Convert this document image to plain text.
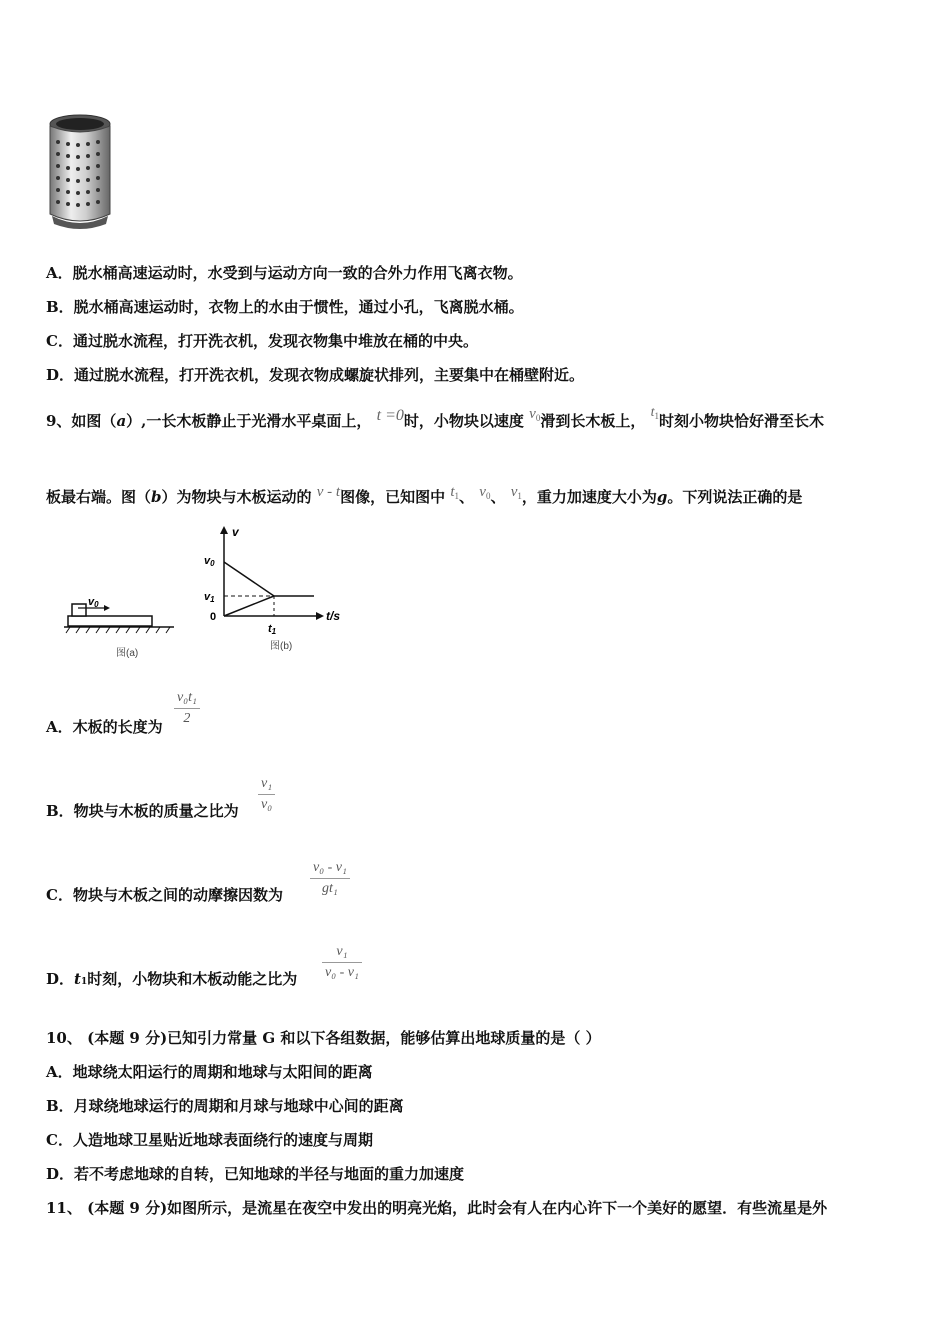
A．脱水桶高速运动时，水受到与运动方向一致的合外力作用飞离衣物。
B．脱水桶高速运动时，衣物上的水由于惯性，通过小孔，飞离脱水桶。
C．通过脱水流程，打开洗衣机，发现衣物集中堆放在桶的中央。
D．通过脱水流程，打开洗衣机，发现衣物成螺旋状排列，主要集中在桶壁附近。
9、如图（a）,一长木板静止于光滑水平桌面上， t =0时，小物块以速度 $v_0$滑到长木板上， $t_1$时刻小物块恰好滑至长木
板最右端。图（b）为物块与木板运动的 v - t图像，已知图中 $t_1$、 $v_0$、 $v_1$，重力加速度大小为g。下列说法正确的是
v0
图(a)
v
t/s
v0
v1
0
t1
图(b)
A．木板的长度为
v₀t₁
2
B．物块与木板的质量之比为
v₁
v₀
C．物块与木板之间的动摩擦因数为
v₀ - v₁
gt₁
D．t1时刻，小物块和木板动能之比为
v₁
v₀ - v₁
10、 (本题 9 分)已知引力常量 G 和以下各组数据，能够估算出地球质量的是（ ）
A．地球绕太阳运行的周期和地球与太阳间的距离
B．月球绕地球运行的周期和月球与地球中心间的距离
C．人造地球卫星贴近地球表面绕行的速度与周期
D．若不考虑地球的自转，已知地球的半径与地面的重力加速度
11、 (本题 9 分)如图所示，是流星在夜空中发出的明亮光焰，此时会有人在内心许下一个美好的愿望．有些流星是外
